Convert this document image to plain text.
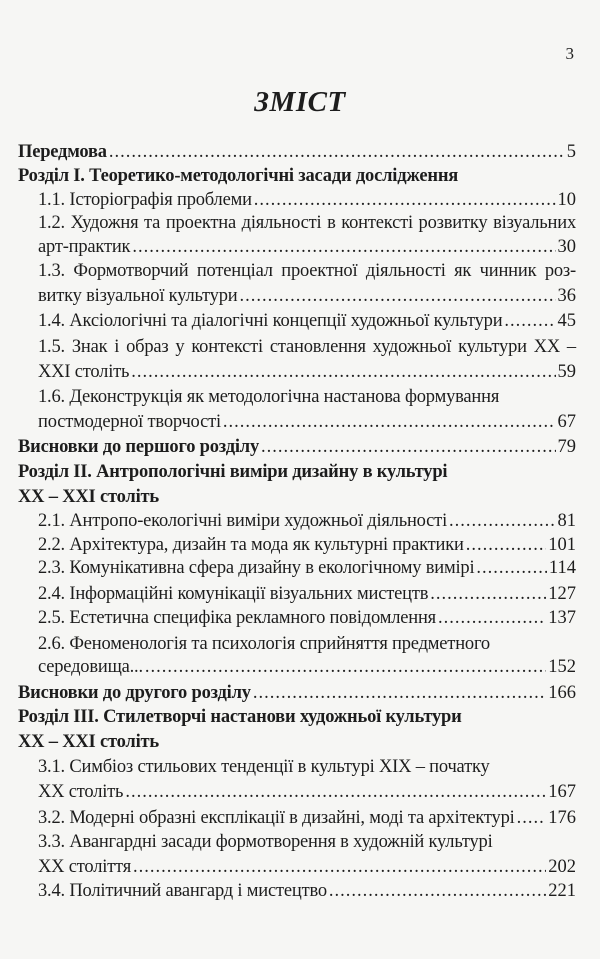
3
ЗМІСТ
Передмова .....	5
Розділ І. Теоретико-методологічні засади дослідження
1.1. Історіографія проблеми .....	10
1.2. Художня та проектна діяльності в контексті розвитку візуальних
арт-практик .....	30
1.3. Формотворчий потенціал проектної діяльності як чинник роз-
витку візуальної культури .....	36
1.4. Аксіологічні та діалогічні концепції художньої культури .....	45
1.5. Знак і образ у контексті становлення художньої культури ХХ –
ХХІ століть .....	59
1.6. Деконструкція як методологічна настанова формування
постмодерної творчості .....	67
Висновки до першого розділу .....	79
Розділ ІІ. Антропологічні виміри дизайну в культурі
ХХ – ХХІ століть
2.1. Антропо-екологічні виміри художньої діяльності .....	81
2.2. Архітектура, дизайн та мода як культурні практики .....	101
2.3. Комунікативна сфера дизайну в екологічному вимірі .....	114
2.4. Інформаційні комунікації візуальних мистецтв .....	127
2.5. Естетична специфіка рекламного повідомлення .....	137
2.6. Феноменологія та психологія сприйняття предметного
середовища... .....	152
Висновки до другого розділу .....	166
Розділ ІІІ. Стилетворчі настанови художньої культури
ХХ – ХХІ століть
3.1. Симбіоз стильових тенденції в культурі ХІХ – початку
ХХ століть .....	167
3.2. Модерні образні експлікації в дизайні, моді та архітектурі ..... 176
3.3. Авангардні засади формотворення в художній культурі
ХХ століття .....	202
3.4. Політичний авангард і мистецтво .....	221
